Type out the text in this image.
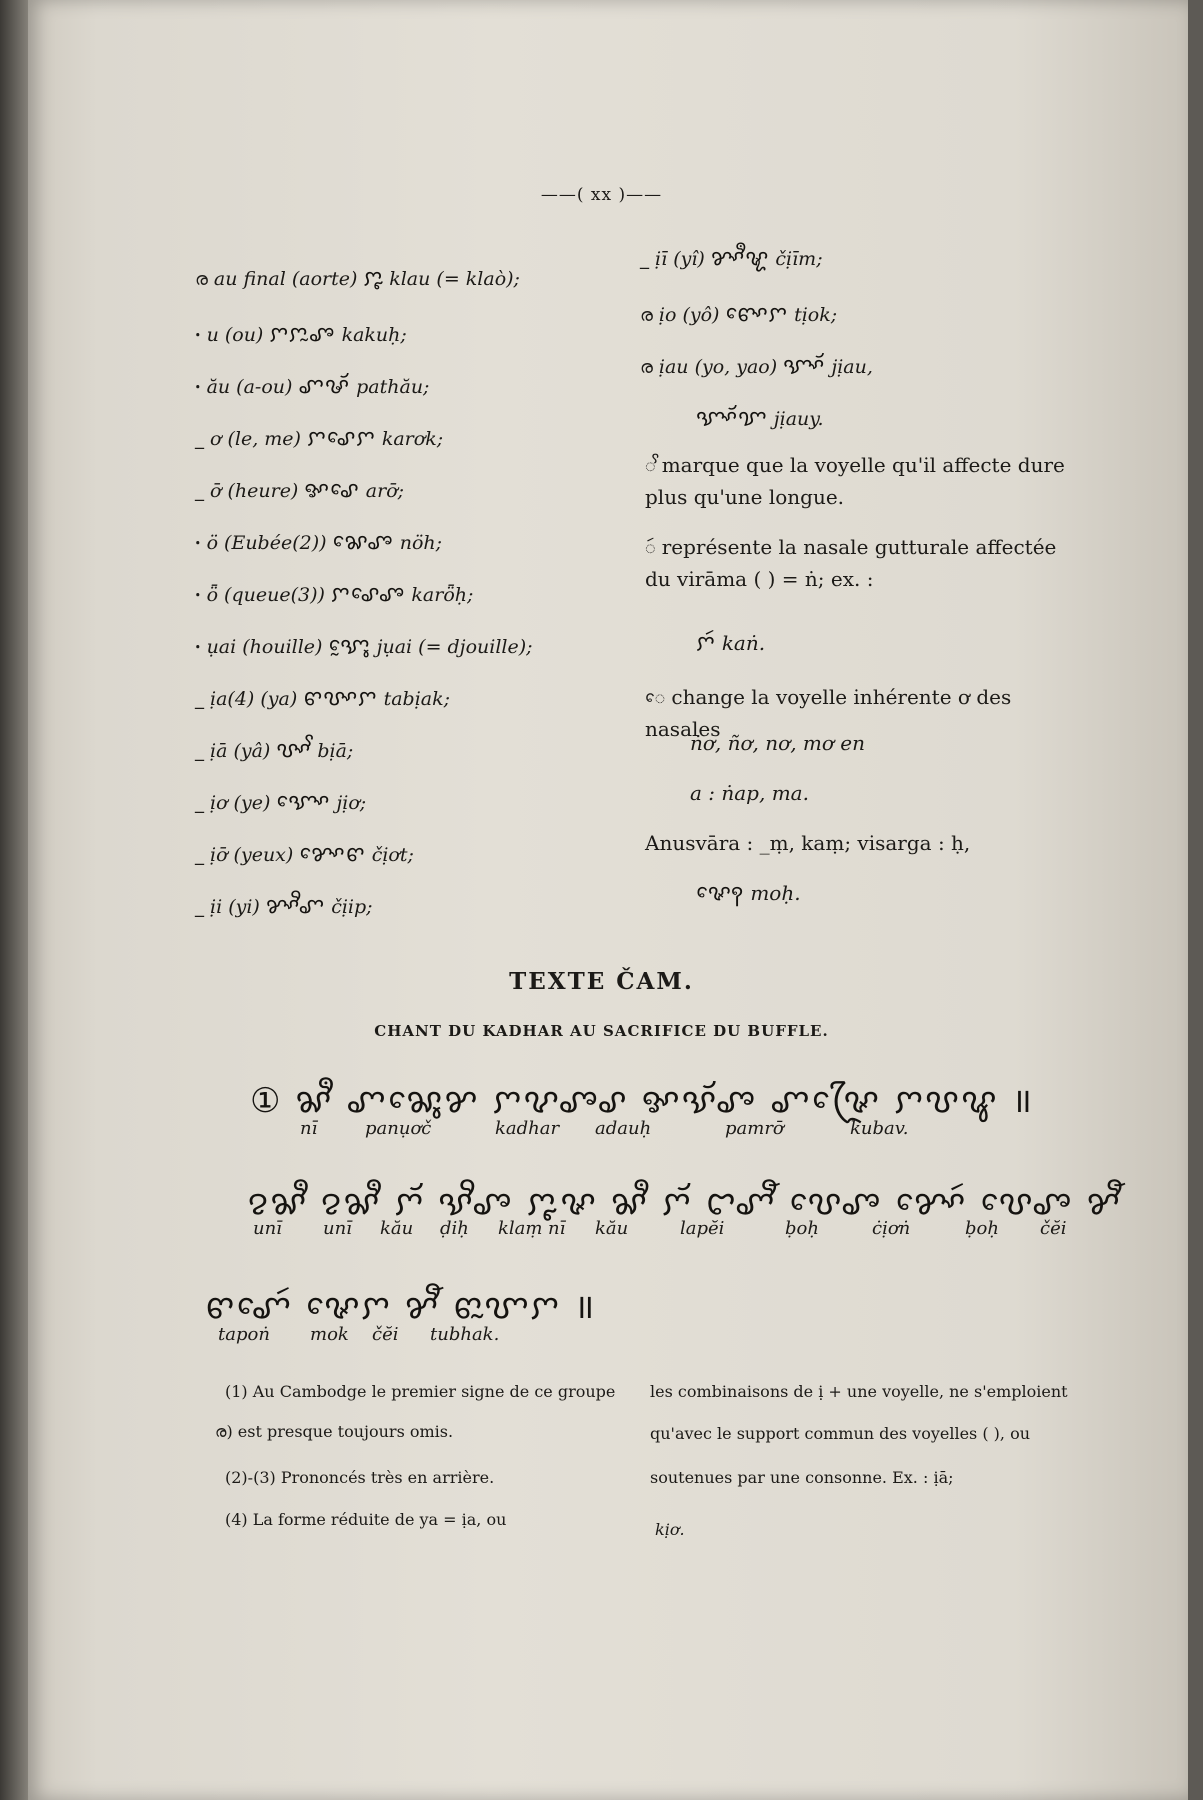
——( xx )——
ര au final (aorte) ꨆꨵ klau (= klaò);
ꞏ u (ou) ꨆꨆꨭꨨ kakuḥ;
ꞏ ău (a-ou) ꨚꨔꨮ pathău;
_ ơ (le, me) ꨆꨣꨯꨆ karơk;
_ ơ̄ (heure) ꨀꨣꨯ arơ̄;
ꞏ ö (Eubée(2)) ꨗꨯꨨ nöh;
ꞏ ȫ (queue(3)) ꨆꨣꨯꨨ karȫḥ;
ꞏ ụai (houille) ꨎꨶꨰ jụai (= djouille);
_ ịa(4) (ya) ꨓꨝꨳꨆ tabịak;
_ ịā (yâ) ꨝꨳꨩ bịā;
_ ịơ (ye) ꨎꨳꨯ jịơ;
_ ịơ̄ (yeux) ꨌꨳꨯꨓ čịơt;
_ ịi (yi) ꨌꨳꨪꨚ čịip;
_ ịī (yî) ꨌꨳꨫꨠ čịīm;
ര ịo (yô) ꨓꨳꨯꨆ tịok;
ര ịau (yo, yao) ꨎꨳꨮ jịau,
ꨎꨳꨮꨢ jịauy.
ꨩ marque que la voyelle qu'il affecte dure plus qu'une longue.
ꩃ représente la nasale gutturale affectée du virāma ( ) = ṅ; ex. :
ꨆꩃ kaṅ.
ꨯ change la voyelle inhérente ơ des nasales
ṅơ, ñơ, nơ, mơ en
a : ṅap, ma.
Anusvāra : _ṃ, kaṃ; visarga : ḥ,
ꨟꨯꩍ moḥ.
TEXTE ČAM.
CHANT DU KADHAR AU SACRIFICE DU BUFFLE.
① ꨗꨫ ꨚꨗꨶꨯꨌ ꨆꨖꨨꨣ ꨀꨕꨮꨨ ꨚꨟꨴꨯ ꨆꨝꨥ ॥
nī	panụơč	kadhar adauḥ	pamrơ̄	kubav.
ꨂꨗꨫ ꨂꨗꨫ ꨆꨮ ꨕꨪꨨ ꨆꨵꨟ ꨗꨫ ꨆꨮ ꨤꨚꨬ ꨝꨯꨨ ꨌꨳꨯꩃ ꨝꨯꨨ ꨌꨬ
unī unī kău ḍiḥ klaṃ nī kău	lapĕi	ḅoḥ	ċịơṅ	ḅoḥ čĕi
ꨓꨚꨯꩃ ꨟꨯꨆ ꨌꨬ ꨓꨭꨞꨆ ॥
tapoṅ mok čĕi tubhak.
(1) Au Cambodge le premier signe de ce groupe
ര) est presque toujours omis.
(2)-(3) Prononcés très en arrière.
(4) La forme réduite de ya = ịa, ou
les combinaisons de ị + une voyelle, ne s'emploient
qu'avec le support commun des voyelles ( ), ou
soutenues par une consonne. Ex. : ịā;
kịơ.
